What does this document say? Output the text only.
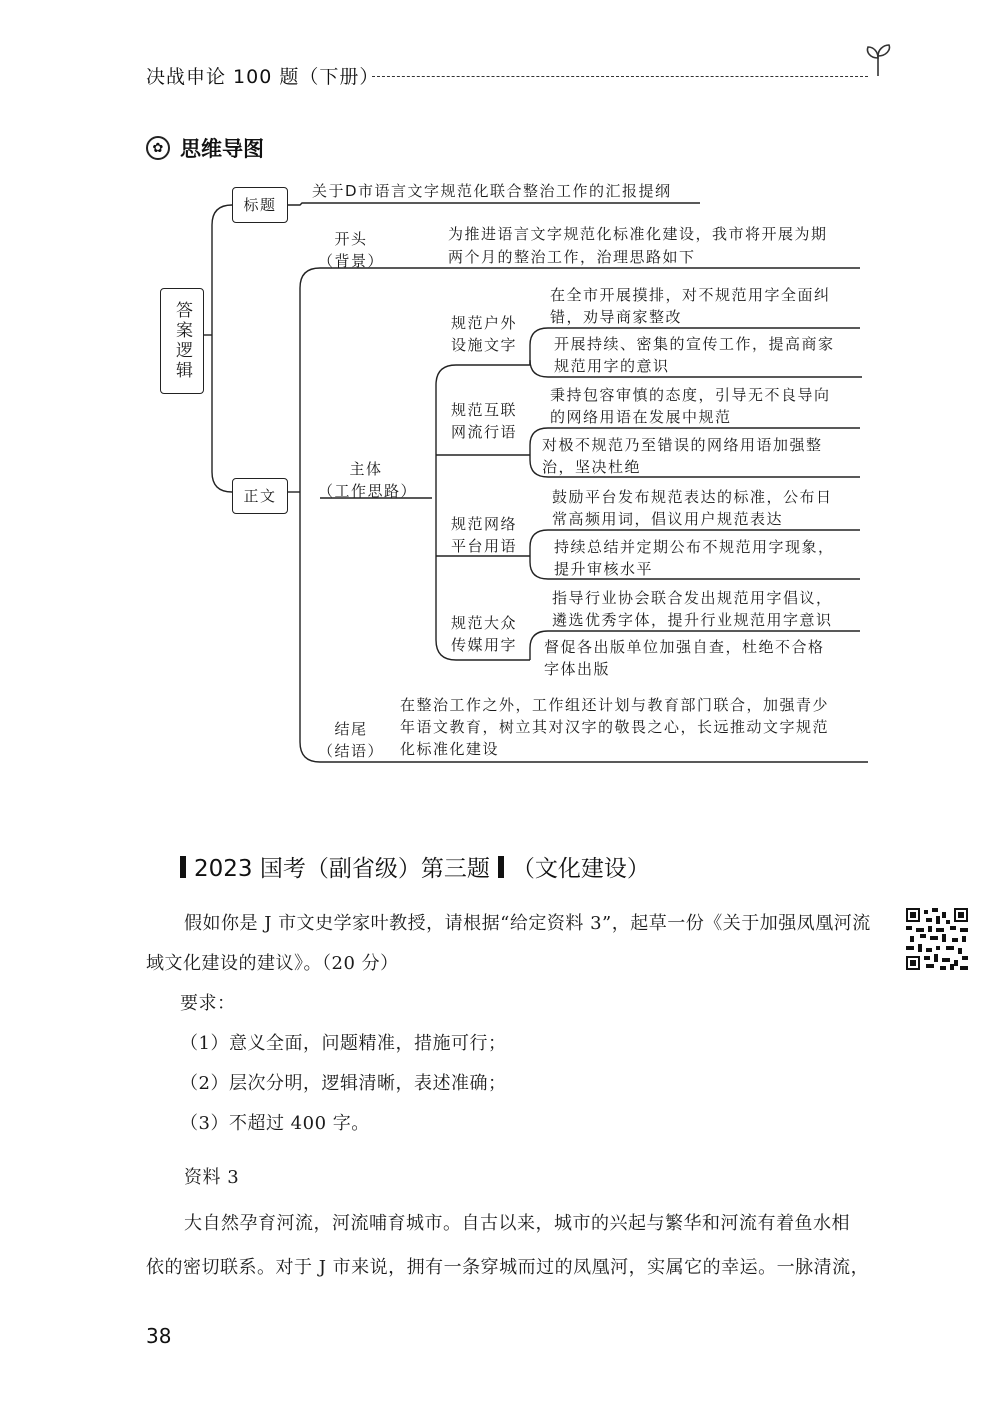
决战申论 100 题（下册）
✿ 思维导图
答案逻辑
标题
关于D市语言文字规范化联合整治工作的汇报提纲
正文
开头
（背景）
为推进语言文字规范化标准化建设，我市将开展为期
两个月的整治工作，治理思路如下
主体
（工作思路）
规范户外
设施文字
规范互联
网流行语
规范网络
平台用语
规范大众
传媒用字
在全市开展摸排，对不规范用字全面纠
错，劝导商家整改
开展持续、密集的宣传工作，提高商家
规范用字的意识
秉持包容审慎的态度，引导无不良导向
的网络用语在发展中规范
对极不规范乃至错误的网络用语加强整
治，坚决杜绝
鼓励平台发布规范表达的标准，公布日
常高频用词，倡议用户规范表达
持续总结并定期公布不规范用字现象，
提升审核水平
指导行业协会联合发出规范用字倡议，
遴选优秀字体，提升行业规范用字意识
督促各出版单位加强自查，杜绝不合格
字体出版
结尾
（结语）
在整治工作之外，工作组还计划与教育部门联合，加强青少
年语文教育，树立其对汉字的敬畏之心，长远推动文字规范
化标准化建设
2023 国考（副省级）第三题 （文化建设）
假如你是 J 市文史学家叶教授，请根据“给定资料 3”，起草一份《关于加强凤凰河流
域文化建设的建议》。（20 分）
要求：
（1）意义全面，问题精准，措施可行；
（2）层次分明，逻辑清晰，表述准确；
（3）不超过 400 字。
资料 3
大自然孕育河流，河流哺育城市。自古以来，城市的兴起与繁华和河流有着鱼水相
依的密切联系。对于 J 市来说，拥有一条穿城而过的凤凰河，实属它的幸运。一脉清流，
38
